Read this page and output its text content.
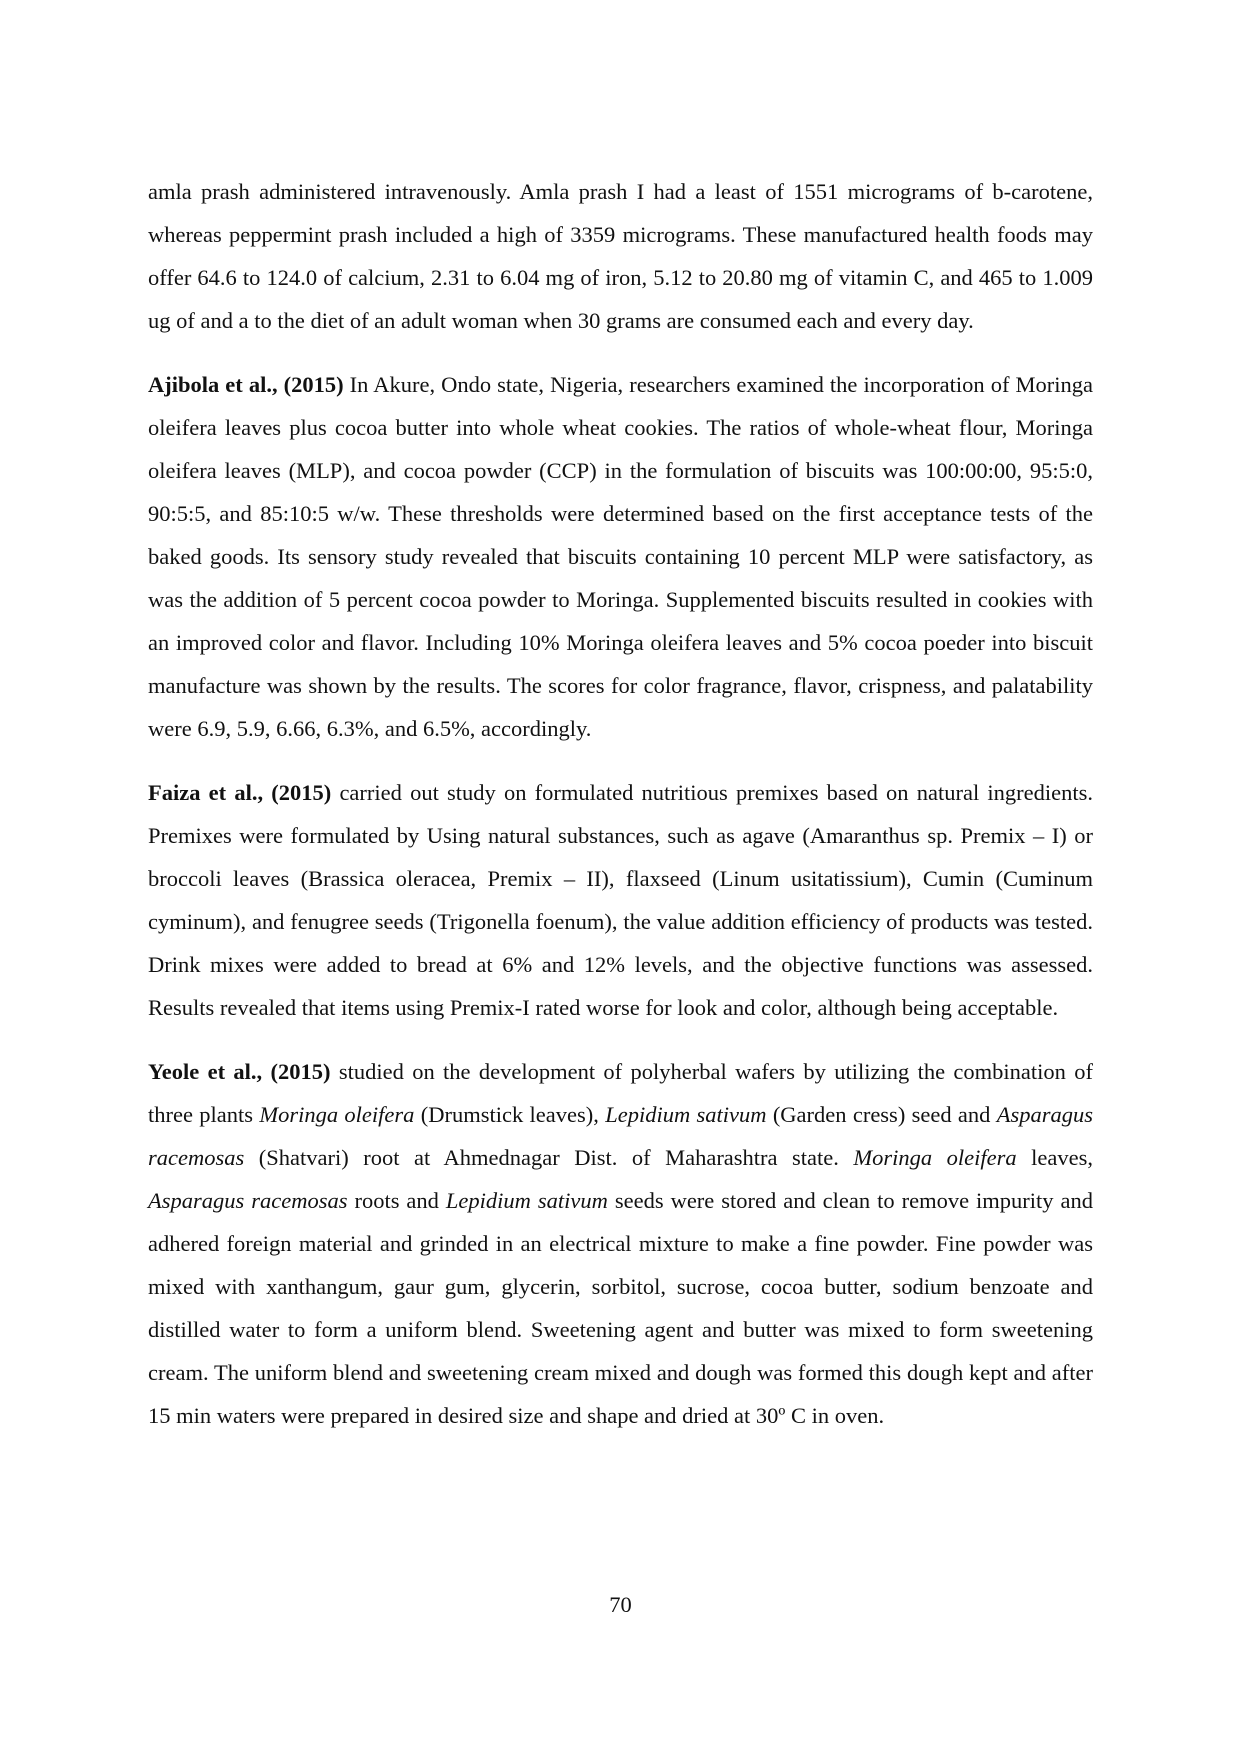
amla prash administered intravenously. Amla prash I had a least of 1551 micrograms of b-carotene, whereas peppermint prash included a high of 3359 micrograms. These manufactured health foods may offer 64.6 to 124.0 of calcium, 2.31 to 6.04 mg of iron, 5.12 to 20.80 mg of vitamin C, and 465 to 1.009 ug of and a to the diet of an adult woman when 30 grams are consumed each and every day.

Ajibola et al., (2015) In Akure, Ondo state, Nigeria, researchers examined the incorporation of Moringa oleifera leaves plus cocoa butter into whole wheat cookies. The ratios of whole-wheat flour, Moringa oleifera leaves (MLP), and cocoa powder (CCP) in the formulation of biscuits was 100:00:00, 95:5:0, 90:5:5, and 85:10:5 w/w. These thresholds were determined based on the first acceptance tests of the baked goods. Its sensory study revealed that biscuits containing 10 percent MLP were satisfactory, as was the addition of 5 percent cocoa powder to Moringa. Supplemented biscuits resulted in cookies with an improved color and flavor. Including 10% Moringa oleifera leaves and 5% cocoa poeder into biscuit manufacture was shown by the results. The scores for color fragrance, flavor, crispness, and palatability were 6.9, 5.9, 6.66, 6.3%, and 6.5%, accordingly.

Faiza et al., (2015) carried out study on formulated nutritious premixes based on natural ingredients. Premixes were formulated by Using natural substances, such as agave (Amaranthus sp. Premix – I) or broccoli leaves (Brassica oleracea, Premix – II), flaxseed (Linum usitatissium), Cumin (Cuminum cyminum), and fenugree seeds (Trigonella foenum), the value addition efficiency of products was tested. Drink mixes were added to bread at 6% and 12% levels, and the objective functions was assessed. Results revealed that items using Premix-I rated worse for look and color, although being acceptable.

Yeole et al., (2015) studied on the development of polyherbal wafers by utilizing the combination of three plants Moringa oleifera (Drumstick leaves), Lepidium sativum (Garden cress) seed and Asparagus racemosas (Shatvari) root at Ahmednagar Dist. of Maharashtra state. Moringa oleifera leaves, Asparagus racemosas roots and Lepidium sativum seeds were stored and clean to remove impurity and adhered foreign material and grinded in an electrical mixture to make a fine powder. Fine powder was mixed with xanthangum, gaur gum, glycerin, sorbitol, sucrose, cocoa butter, sodium benzoate and distilled water to form a uniform blend. Sweetening agent and butter was mixed to form sweetening cream. The uniform blend and sweetening cream mixed and dough was formed this dough kept and after 15 min waters were prepared in desired size and shape and dried at 30º C in oven.

70
